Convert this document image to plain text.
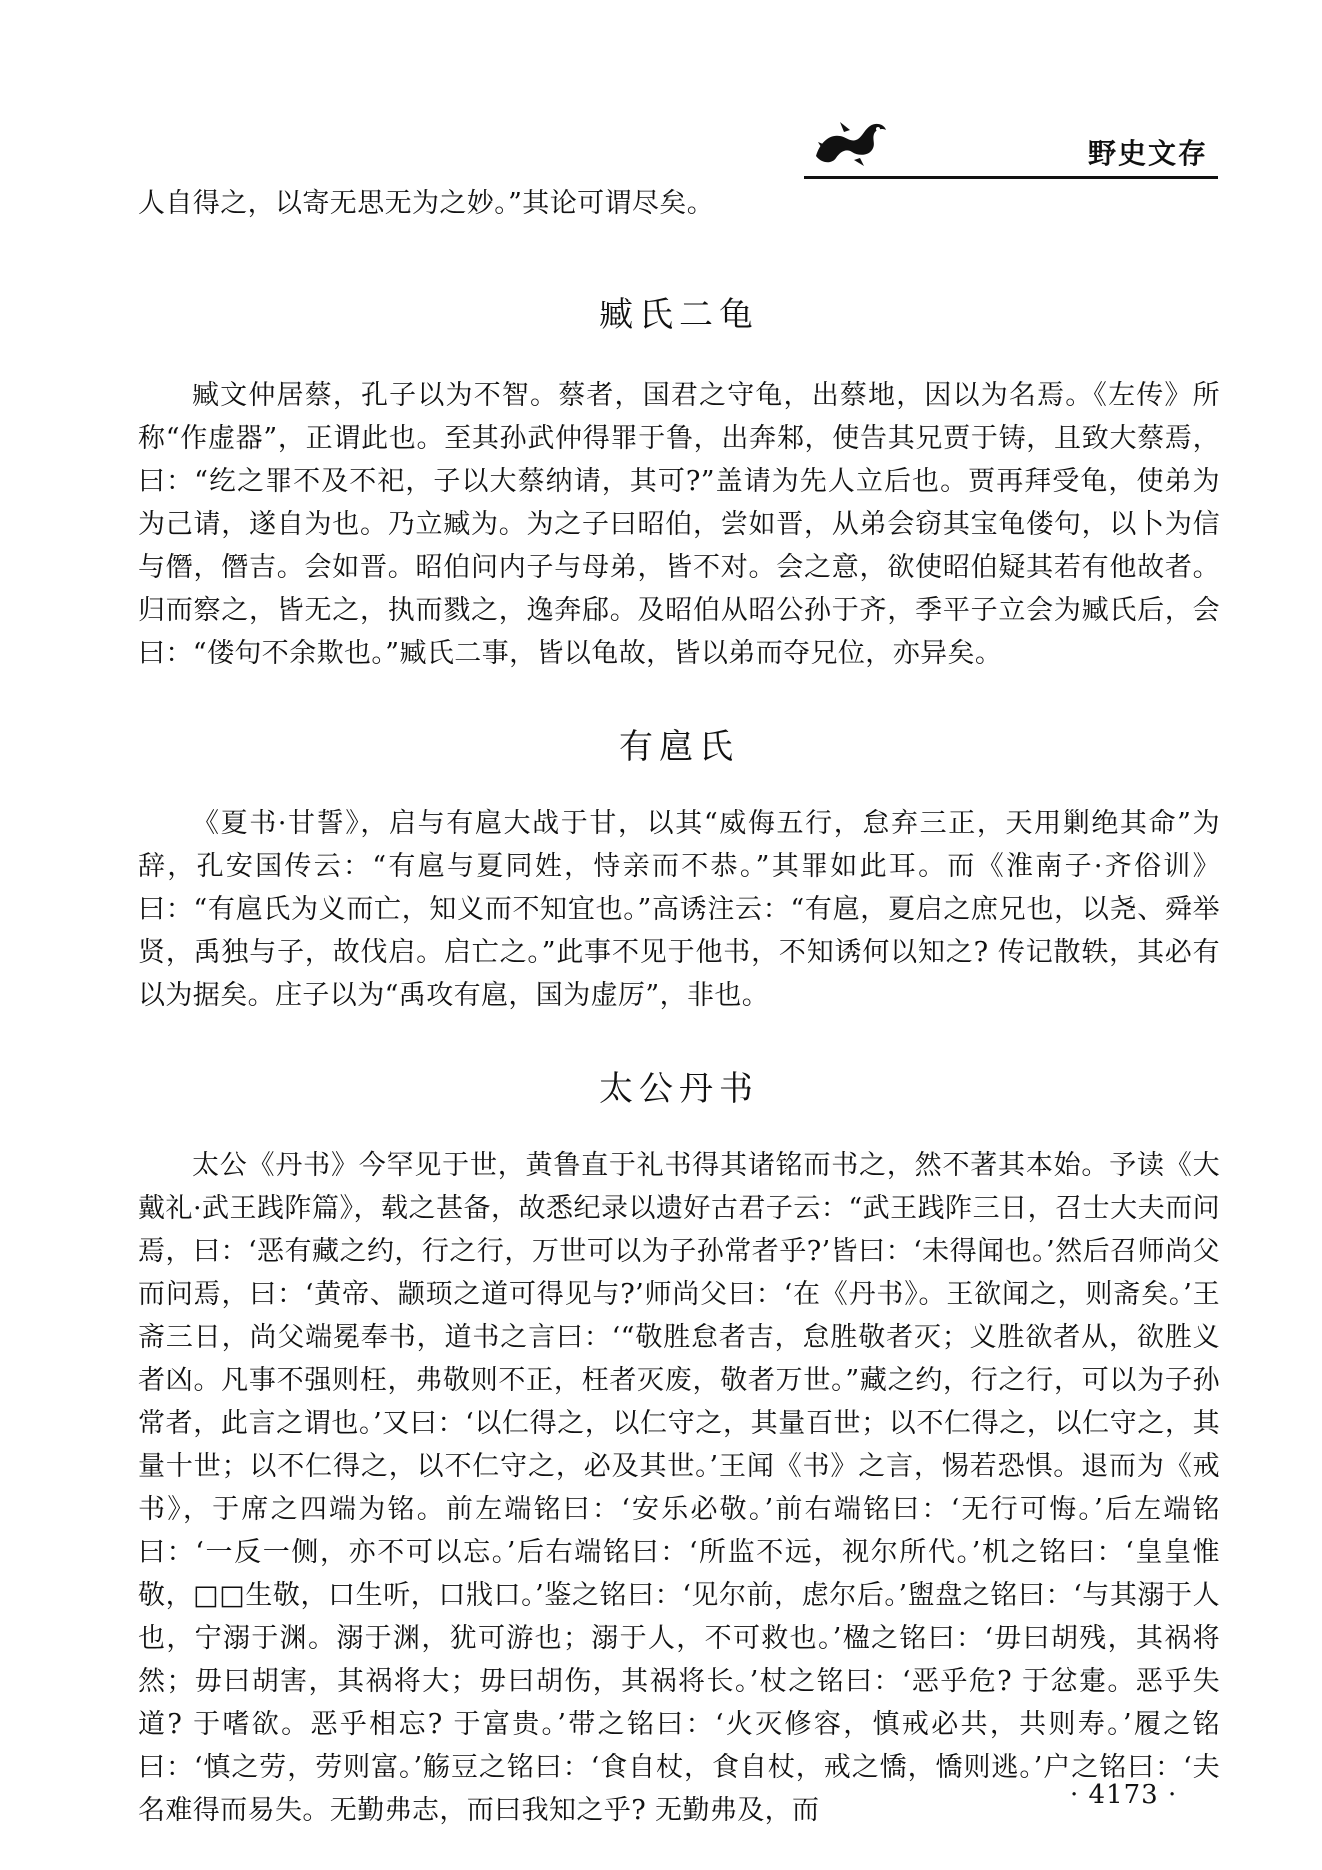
野史文存

人自得之，以寄无思无为之妙。”其论可谓尽矣。

臧氏二龟

臧文仲居蔡，孔子以为不智。蔡者，国君之守龟，出蔡地，因以为名焉。《左传》所称“作虚器”，正谓此也。至其孙武仲得罪于鲁，出奔邾，使告其兄贾于铸，且致大蔡焉，曰：“纥之罪不及不祀，子以大蔡纳请，其可?”盖请为先人立后也。贾再拜受龟，使弟为为己请，遂自为也。乃立臧为。为之子曰昭伯，尝如晋，从弟会窃其宝龟偻句，以卜为信与僭，僭吉。会如晋。昭伯问内子与母弟，皆不对。会之意，欲使昭伯疑其若有他故者。归而察之，皆无之，执而戮之，逸奔郈。及昭伯从昭公孙于齐，季平子立会为臧氏后，会曰：“偻句不余欺也。”臧氏二事，皆以龟故，皆以弟而夺兄位，亦异矣。

有扈氏

《夏书·甘誓》，启与有扈大战于甘，以其“威侮五行，怠弃三正，天用剿绝其命”为辞，孔安国传云：“有扈与夏同姓，恃亲而不恭。”其罪如此耳。而《淮南子·齐俗训》曰：“有扈氏为义而亡，知义而不知宜也。”高诱注云：“有扈，夏启之庶兄也，以尧、舜举贤，禹独与子，故伐启。启亡之。”此事不见于他书，不知诱何以知之? 传记散轶，其必有以为据矣。庄子以为“禹攻有扈，国为虚厉”，非也。

太公丹书

太公《丹书》今罕见于世，黄鲁直于礼书得其诸铭而书之，然不著其本始。予读《大戴礼·武王践阼篇》，载之甚备，故悉纪录以遗好古君子云：“武王践阼三日，召士大夫而问焉，曰：‘恶有藏之约，行之行，万世可以为子孙常者乎?’皆曰：‘未得闻也。’然后召师尚父而问焉，曰：‘黄帝、颛顼之道可得见与?’师尚父曰：‘在《丹书》。王欲闻之，则斋矣。’王斋三日，尚父端冕奉书，道书之言曰：‘“敬胜怠者吉，怠胜敬者灭；义胜欲者从，欲胜义者凶。凡事不强则枉，弗敬则不正，枉者灭废，敬者万世。”藏之约，行之行，可以为子孙常者，此言之谓也。’又曰：‘以仁得之，以仁守之，其量百世；以不仁得之，以仁守之，其量十世；以不仁得之，以不仁守之，必及其世。’王闻《书》之言，惕若恐惧。退而为《戒书》，于席之四端为铭。前左端铭曰：‘安乐必敬。’前右端铭曰：‘无行可悔。’后左端铭曰：‘一反一侧，亦不可以忘。’后右端铭曰：‘所监不远，视尔所代。’机之铭曰：‘皇皇惟敬，□□生敬，口生听，口戕口。’鉴之铭曰：‘见尔前，虑尔后。’盥盘之铭曰：‘与其溺于人也，宁溺于渊。溺于渊，犹可游也；溺于人，不可救也。’楹之铭曰：‘毋曰胡残，其祸将然；毋曰胡害，其祸将大；毋曰胡伤，其祸将长。’杖之铭曰：‘恶乎危? 于忿疐。恶乎失道? 于嗜欲。恶乎相忘? 于富贵。’带之铭曰：‘火灭修容，慎戒必共，共则寿。’履之铭曰：‘慎之劳，劳则富。’觞豆之铭曰：‘食自杖，食自杖，戒之憍，憍则逃。’户之铭曰：‘夫名难得而易失。无勤弗志，而曰我知之乎? 无勤弗及，而	· 4173 ·
